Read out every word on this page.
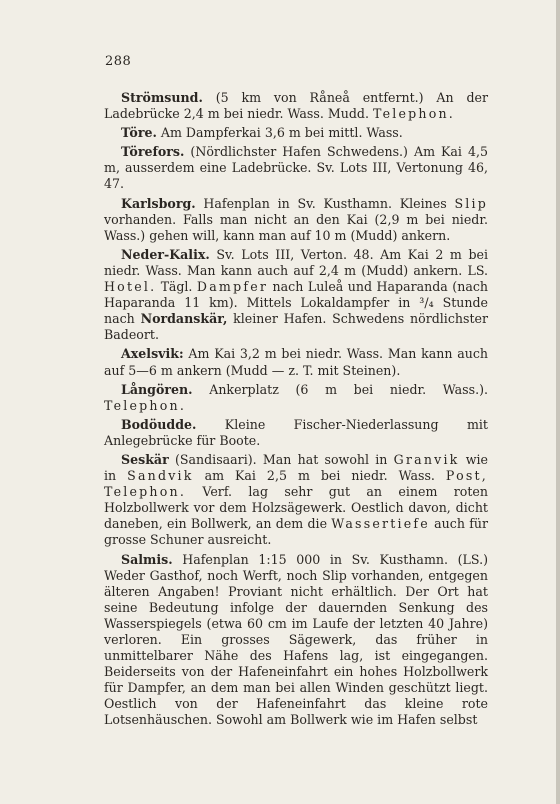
288

Strömsund. (5 km von Råneå entfernt.) An der Ladebrücke 2,4 m bei niedr. Wass. Mudd. Telephon.

Töre. Am Dampferkai 3,6 m bei mittl. Wass.

Törefors. (Nördlichster Hafen Schwedens.) Am Kai 4,5 m, ausserdem eine Ladebrücke. Sv. Lots III, Vertonung 46, 47.

Karlsborg. Hafenplan in Sv. Kusthamn. Kleines Slip vorhanden. Falls man nicht an den Kai (2,9 m bei niedr. Wass.) gehen will, kann man auf 10 m (Mudd) ankern.

Neder-Kalix. Sv. Lots III, Verton. 48. Am Kai 2 m bei niedr. Wass. Man kann auch auf 2,4 m (Mudd) ankern. LS. Hotel. Tägl. Dampfer nach Luleå und Haparanda (nach Haparanda 11 km). Mittels Lokaldampfer in ³/₄ Stunde nach Nordanskär, kleiner Hafen. Schwedens nördlichster Badeort.

Axelsvik: Am Kai 3,2 m bei niedr. Wass. Man kann auch auf 5—6 m ankern (Mudd — z. T. mit Steinen).

Långören. Ankerplatz (6 m bei niedr. Wass.). Telephon.

Bodöudde. Kleine Fischer-Niederlassung mit Anlegebrücke für Boote.

Seskär (Sandisaari). Man hat sowohl in Granvik wie in Sandvik am Kai 2,5 m bei niedr. Wass. Post, Telephon. Verf. lag sehr gut an einem roten Holzbollwerk vor dem Holzsägewerk. Oestlich davon, dicht daneben, ein Bollwerk, an dem die Wassertiefe auch für grosse Schuner ausreicht.

Salmis. Hafenplan 1:15 000 in Sv. Kusthamn. (LS.) Weder Gasthof, noch Werft, noch Slip vorhanden, entgegen älteren Angaben! Proviant nicht erhältlich. Der Ort hat seine Bedeutung infolge der dauernden Senkung des Wasserspiegels (etwa 60 cm im Laufe der letzten 40 Jahre) verloren. Ein grosses Sägewerk, das früher in unmittelbarer Nähe des Hafens lag, ist eingegangen. Beiderseits von der Hafeneinfahrt ein hohes Holzbollwerk für Dampfer, an dem man bei allen Winden geschützt liegt. Oestlich von der Hafeneinfahrt das kleine rote Lotsenhäuschen. Sowohl am Bollwerk wie im Hafen selbst
